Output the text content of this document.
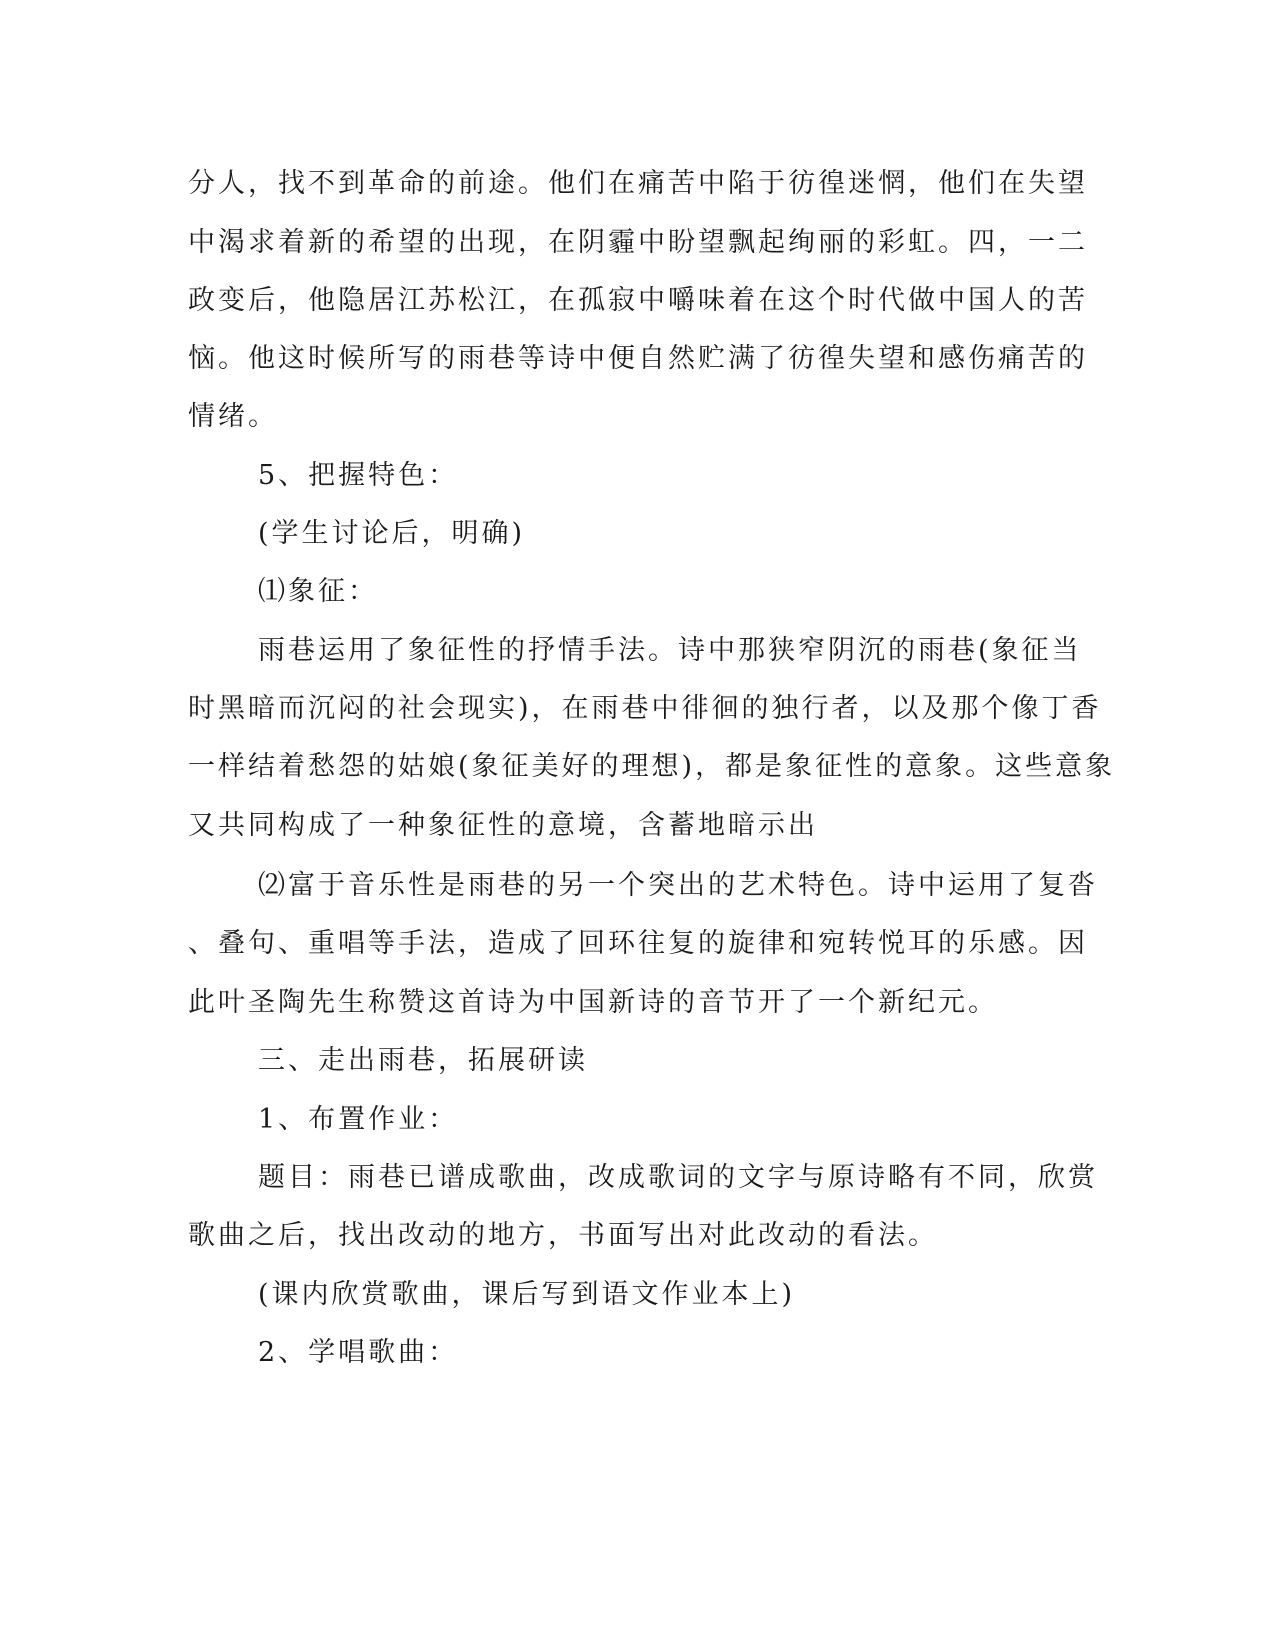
分人，找不到革命的前途。他们在痛苦中陷于彷徨迷惘，他们在失望
中渴求着新的希望的出现，在阴霾中盼望飘起绚丽的彩虹。四，一二
政变后，他隐居江苏松江，在孤寂中嚼味着在这个时代做中国人的苦
恼。他这时候所写的雨巷等诗中便自然贮满了彷徨失望和感伤痛苦的
情绪。
5、把握特色：
(学生讨论后，明确)
⑴象征：
雨巷运用了象征性的抒情手法。诗中那狭窄阴沉的雨巷(象征当
时黑暗而沉闷的社会现实)，在雨巷中徘徊的独行者，以及那个像丁香
一样结着愁怨的姑娘(象征美好的理想)，都是象征性的意象。这些意象
又共同构成了一种象征性的意境，含蓄地暗示出
⑵富于音乐性是雨巷的另一个突出的艺术特色。诗中运用了复沓
、叠句、重唱等手法，造成了回环往复的旋律和宛转悦耳的乐感。因
此叶圣陶先生称赞这首诗为中国新诗的音节开了一个新纪元。
三、走出雨巷，拓展研读
1、布置作业：
题目：雨巷已谱成歌曲，改成歌词的文字与原诗略有不同，欣赏
歌曲之后，找出改动的地方，书面写出对此改动的看法。
(课内欣赏歌曲，课后写到语文作业本上)
2、学唱歌曲：
